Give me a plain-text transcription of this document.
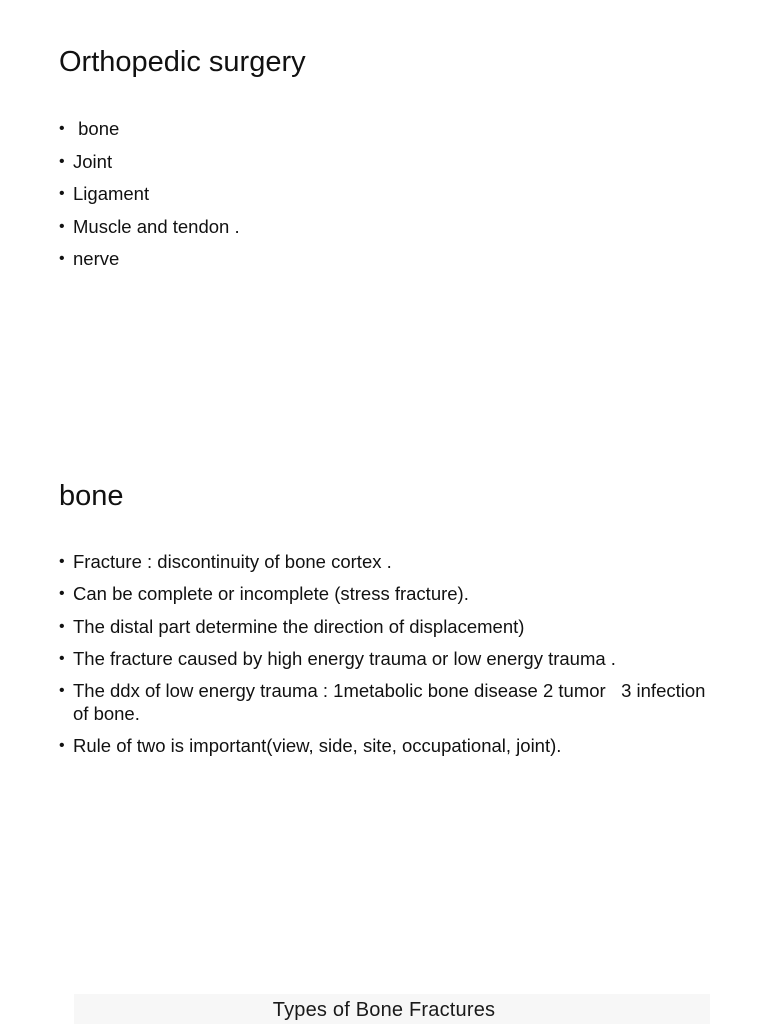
Orthopedic surgery
• bone
• Joint
• Ligament
• Muscle and tendon .
• nerve
bone
• Fracture : discontinuity of bone cortex .
• Can be complete or incomplete (stress fracture).
• The distal part determine the direction of displacement)
• The fracture caused by high energy trauma or low energy trauma .
• The ddx of low energy trauma : 1metabolic bone disease 2 tumor   3 infection of bone.
• Rule of two is important(view, side, site, occupational, joint).
Types of Bone Fractures
